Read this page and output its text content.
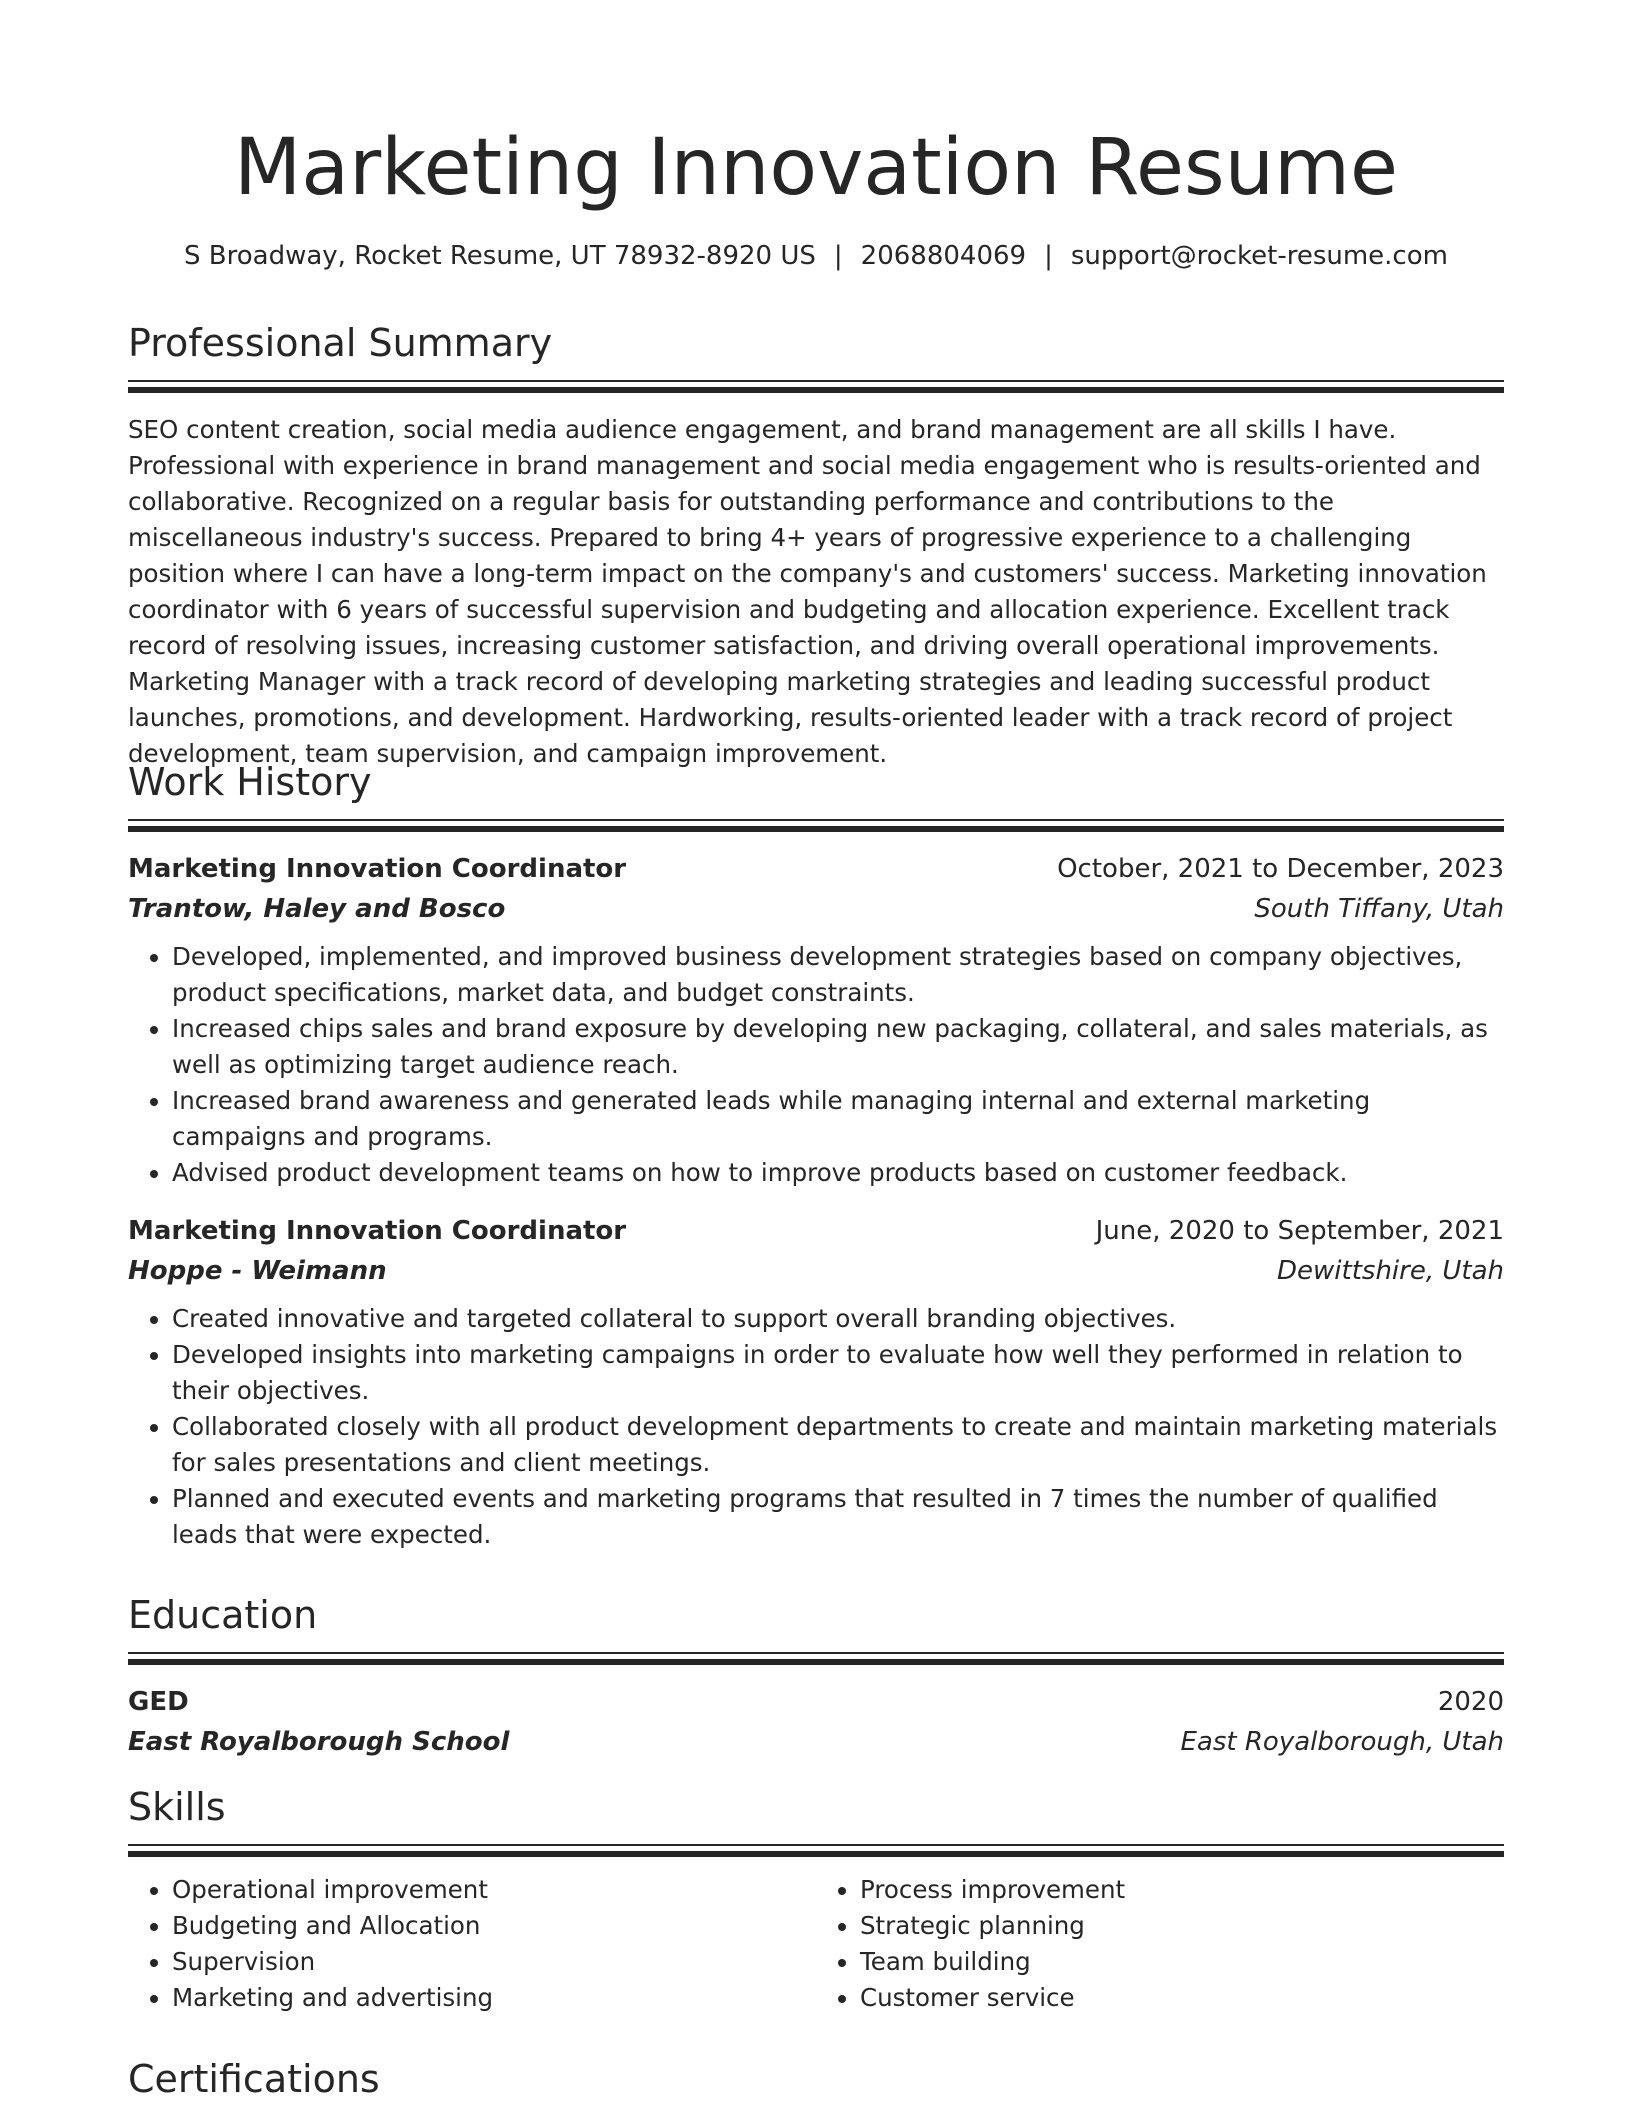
Marketing Innovation Resume
S Broadway, Rocket Resume, UT 78932-8920 US | 2068804069 | support@rocket-resume.com
Professional Summary

SEO content creation, social media audience engagement, and brand management are all skills I have. Professional with experience in brand management and social media engagement who is results-oriented and collaborative. Recognized on a regular basis for outstanding performance and contributions to the miscellaneous industry's success. Prepared to bring 4+ years of progressive experience to a challenging position where I can have a long-term impact on the company's and customers' success. Marketing innovation coordinator with 6 years of successful supervision and budgeting and allocation experience. Excellent track record of resolving issues, increasing customer satisfaction, and driving overall operational improvements. Marketing Manager with a track record of developing marketing strategies and leading successful product launches, promotions, and development. Hardworking, results-oriented leader with a track record of project development, team supervision, and campaign improvement.

Work History
Marketing Innovation Coordinator	October, 2021 to December, 2023
Trantow, Haley and Bosco	South Tiffany, Utah
• Developed, implemented, and improved business development strategies based on company objectives, product specifications, market data, and budget constraints.
• Increased chips sales and brand exposure by developing new packaging, collateral, and sales materials, as well as optimizing target audience reach.
• Increased brand awareness and generated leads while managing internal and external marketing campaigns and programs.
• Advised product development teams on how to improve products based on customer feedback.
Marketing Innovation Coordinator	June, 2020 to September, 2021
Hoppe - Weimann	Dewittshire, Utah
• Created innovative and targeted collateral to support overall branding objectives.
• Developed insights into marketing campaigns in order to evaluate how well they performed in relation to their objectives.
• Collaborated closely with all product development departments to create and maintain marketing materials for sales presentations and client meetings.
• Planned and executed events and marketing programs that resulted in 7 times the number of qualified leads that were expected.
Education
GED	2020
East Royalborough School	East Royalborough, Utah
Skills
• Operational improvement
• Budgeting and Allocation
• Supervision
• Marketing and advertising
• Process improvement
• Strategic planning
• Team building
• Customer service
Certifications
